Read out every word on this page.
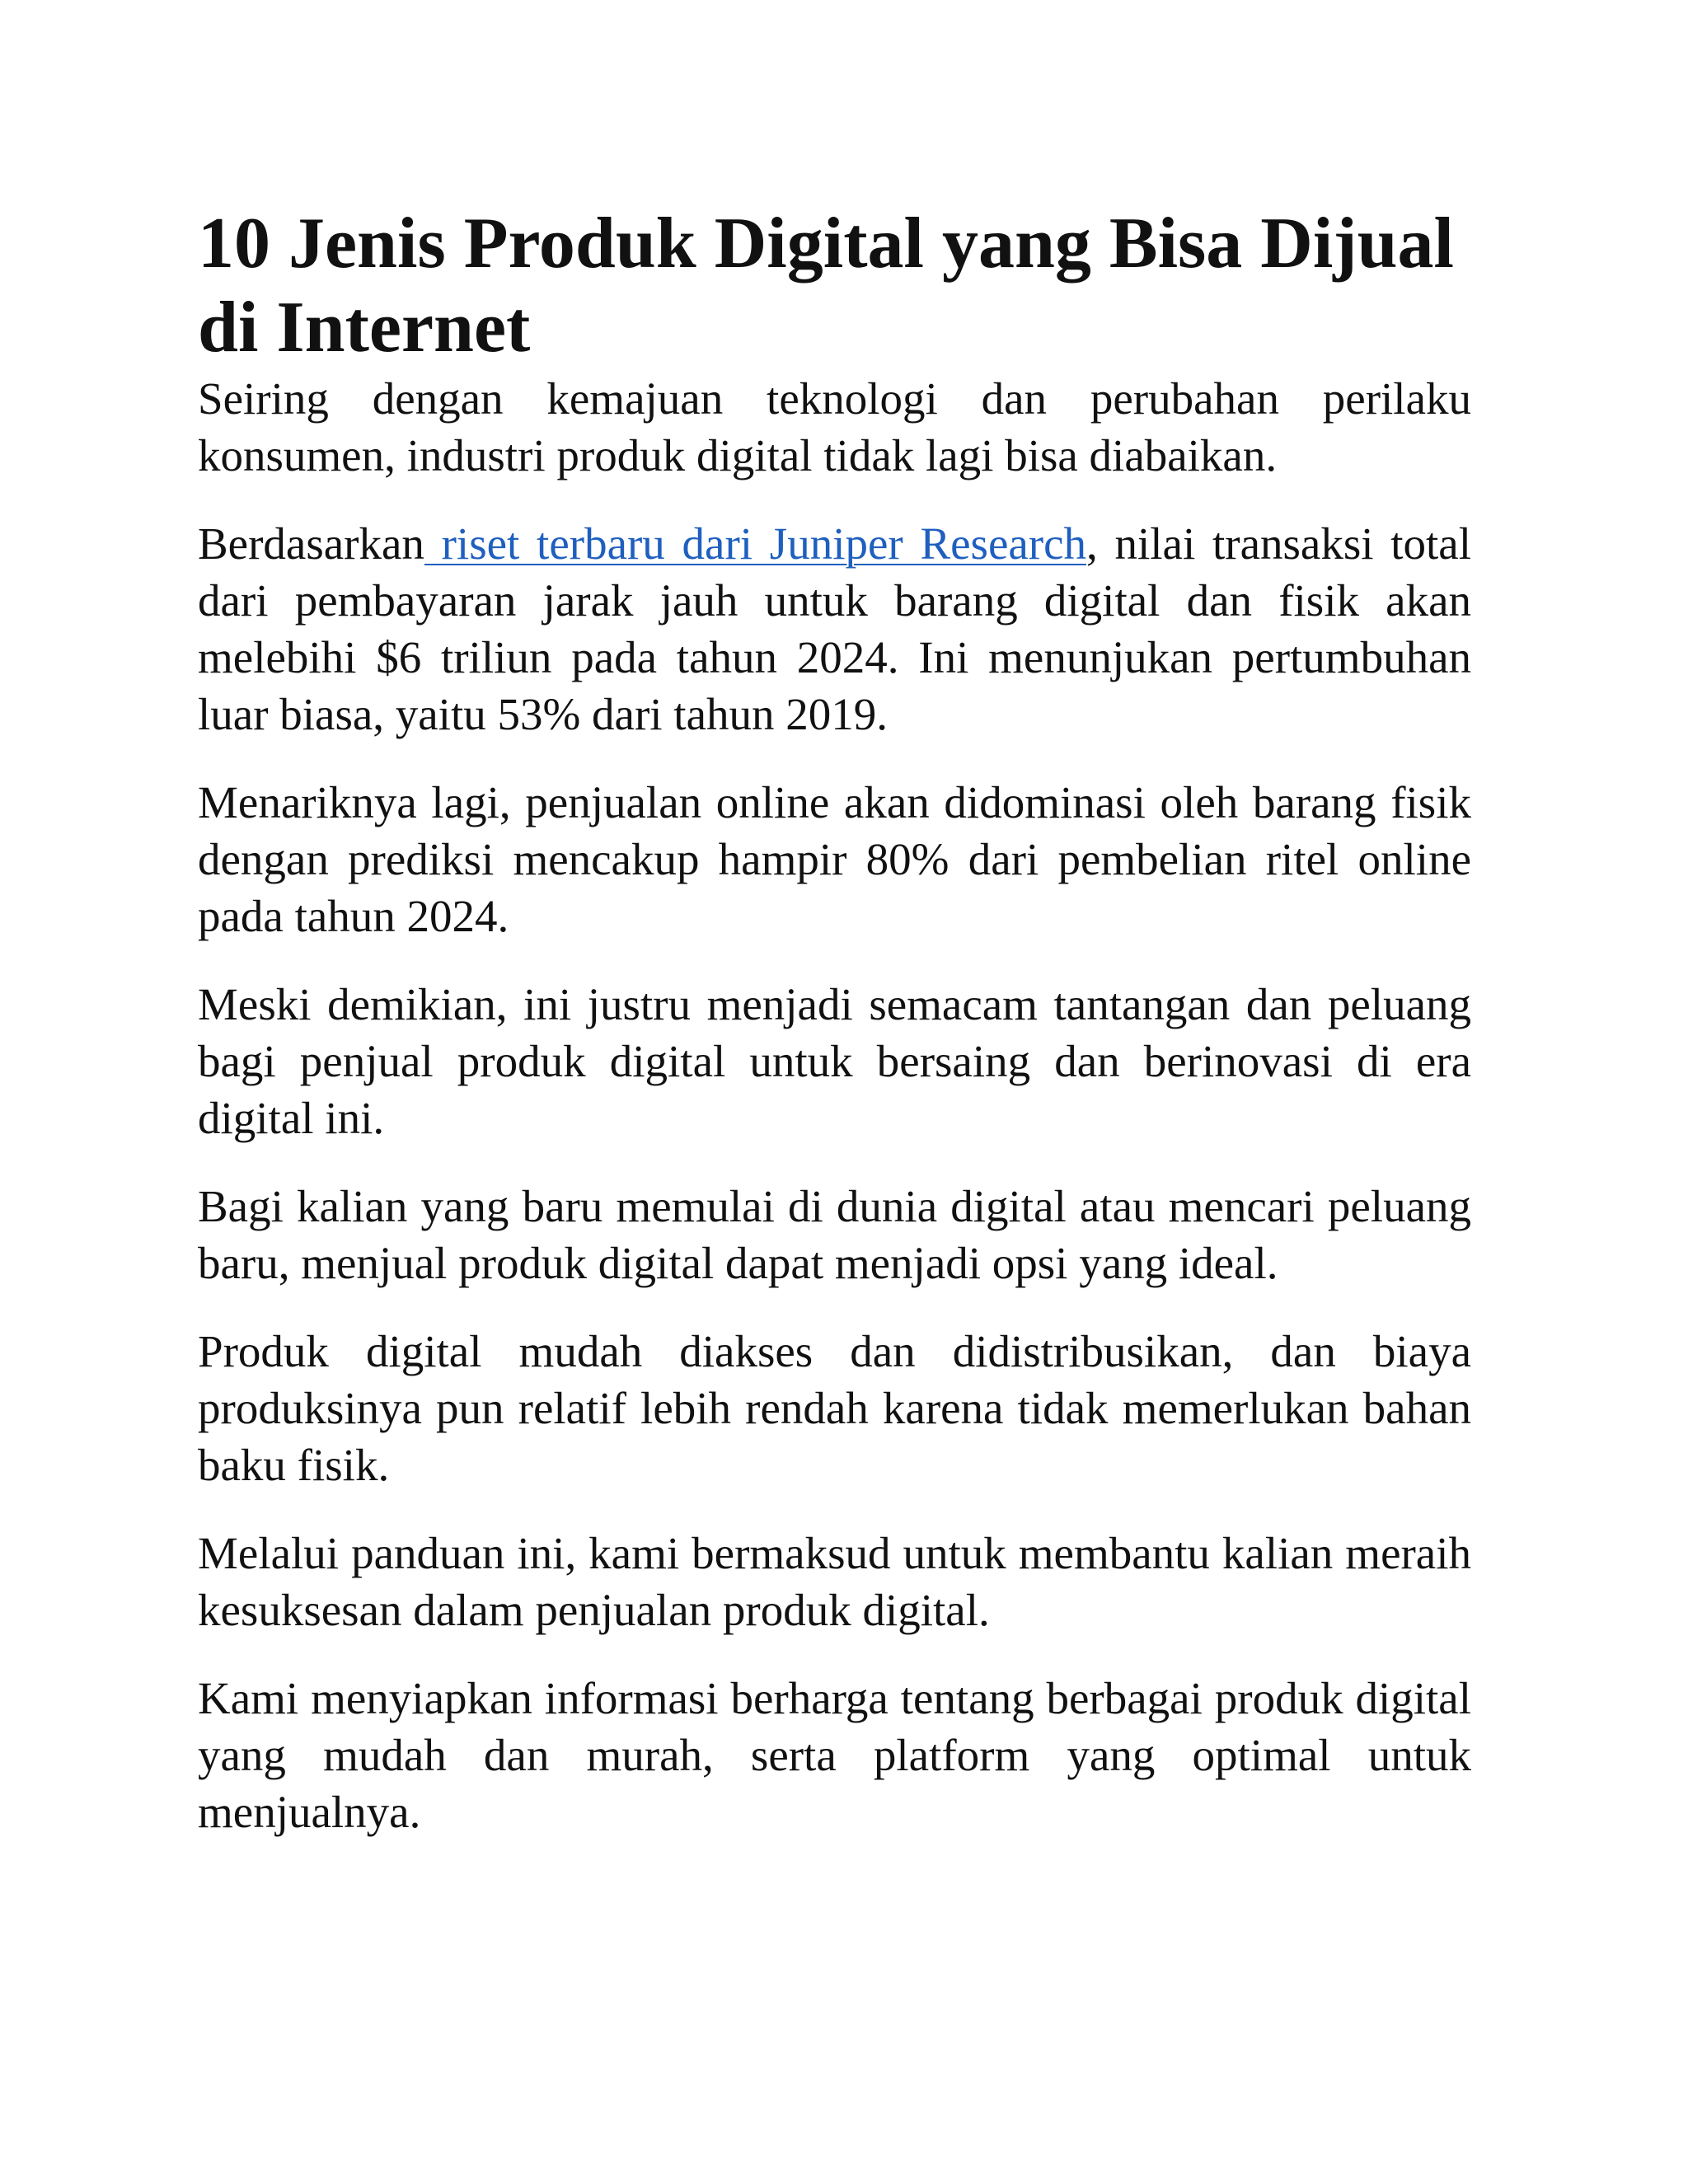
10 Jenis Produk Digital yang Bisa Dijual di Internet

Seiring dengan kemajuan teknologi dan perubahan perilaku konsumen, industri produk digital tidak lagi bisa diabaikan.

Berdasarkan riset terbaru dari Juniper Research, nilai transaksi total dari pembayaran jarak jauh untuk barang digital dan fisik akan melebihi $6 triliun pada tahun 2024. Ini menunjukan pertumbuhan luar biasa, yaitu 53% dari tahun 2019.

Menariknya lagi, penjualan online akan didominasi oleh barang fisik dengan prediksi mencakup hampir 80% dari pembelian ritel online pada tahun 2024.

Meski demikian, ini justru menjadi semacam tantangan dan peluang bagi penjual produk digital untuk bersaing dan berinovasi di era digital ini.

Bagi kalian yang baru memulai di dunia digital atau mencari peluang baru, menjual produk digital dapat menjadi opsi yang ideal.

Produk digital mudah diakses dan didistribusikan, dan biaya produksinya pun relatif lebih rendah karena tidak memerlukan bahan baku fisik.

Melalui panduan ini, kami bermaksud untuk membantu kalian meraih kesuksesan dalam penjualan produk digital.

Kami menyiapkan informasi berharga tentang berbagai produk digital yang mudah dan murah, serta platform yang optimal untuk menjualnya.
